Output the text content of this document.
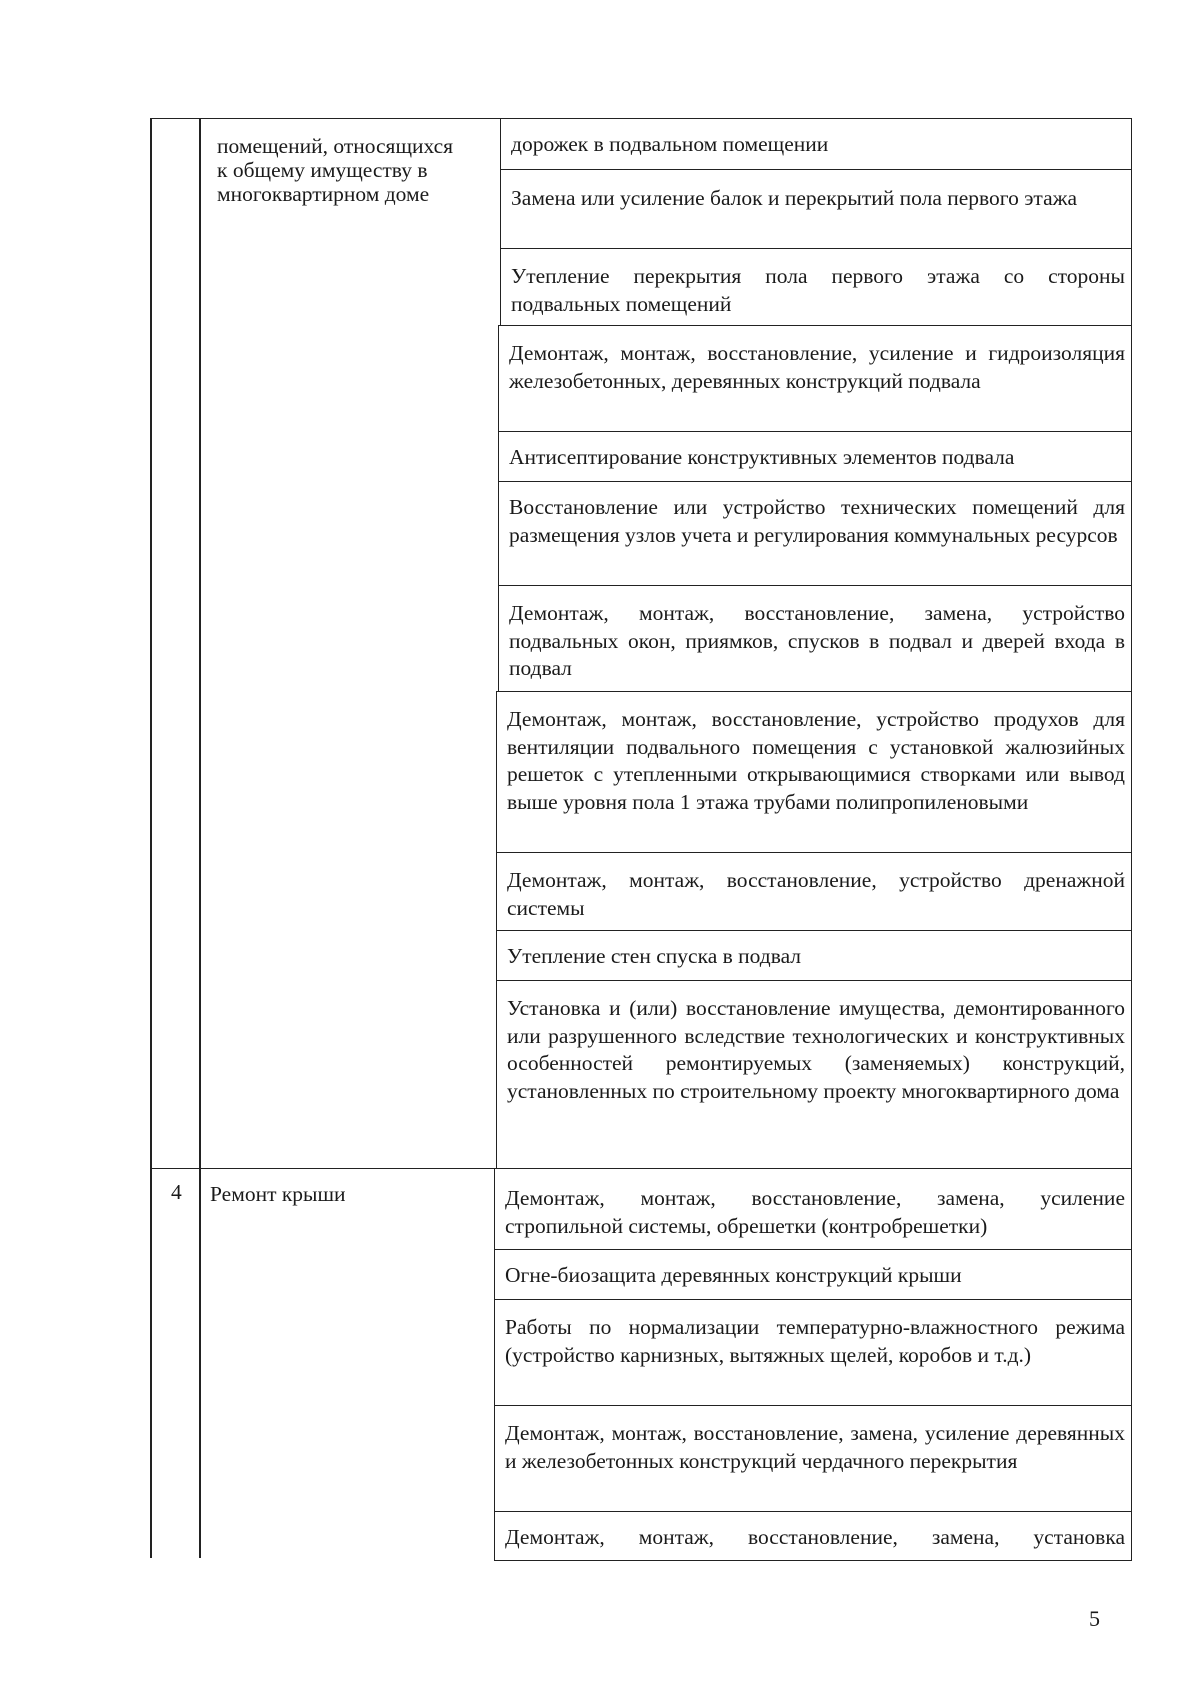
помещений, относящихся
к общему имуществу в
многоквартирном доме
дорожек в подвальном помещении
Замена или усиление балок и перекрытий пола первого этажа
Утепление перекрытия пола первого этажа со стороны подвальных помещений
Демонтаж, монтаж, восстановление, усиление и гидроизоляция железобетонных, деревянных конструкций подвала
Антисептирование конструктивных элементов подвала
Восстановление или устройство технических помещений для размещения узлов учета и регулирования коммунальных ресурсов
Демонтаж, монтаж, восстановление, замена, устройство подвальных окон, приямков, спусков в подвал и дверей входа в подвал
Демонтаж, монтаж, восстановление, устройство продухов для вентиляции подвального помещения с установкой жалюзийных решеток с утепленными открывающимися створками или вывод выше уровня пола 1 этажа трубами полипропиленовыми
Демонтаж, монтаж, восстановление, устройство дренажной системы
Утепление стен спуска в подвал
Установка и (или) восстановление имущества, демонтированного или разрушенного вследствие технологических и конструктивных особенностей ремонтируемых (заменяемых) конструкций, установленных по строительному проекту многоквартирного дома
4 Ремонт крыши	Демонтаж, монтаж, восстановление, замена, усиление стропильной системы, обрешетки (контробрешетки)
Огне-биозащита деревянных конструкций крыши
Работы по нормализации температурно-влажностного режима (устройство карнизных, вытяжных щелей, коробов и т.д.)
Демонтаж, монтаж, восстановление, замена, усиление деревянных и железобетонных конструкций чердачного перекрытия
Демонтаж, монтаж, восстановление, замена, установка
5
